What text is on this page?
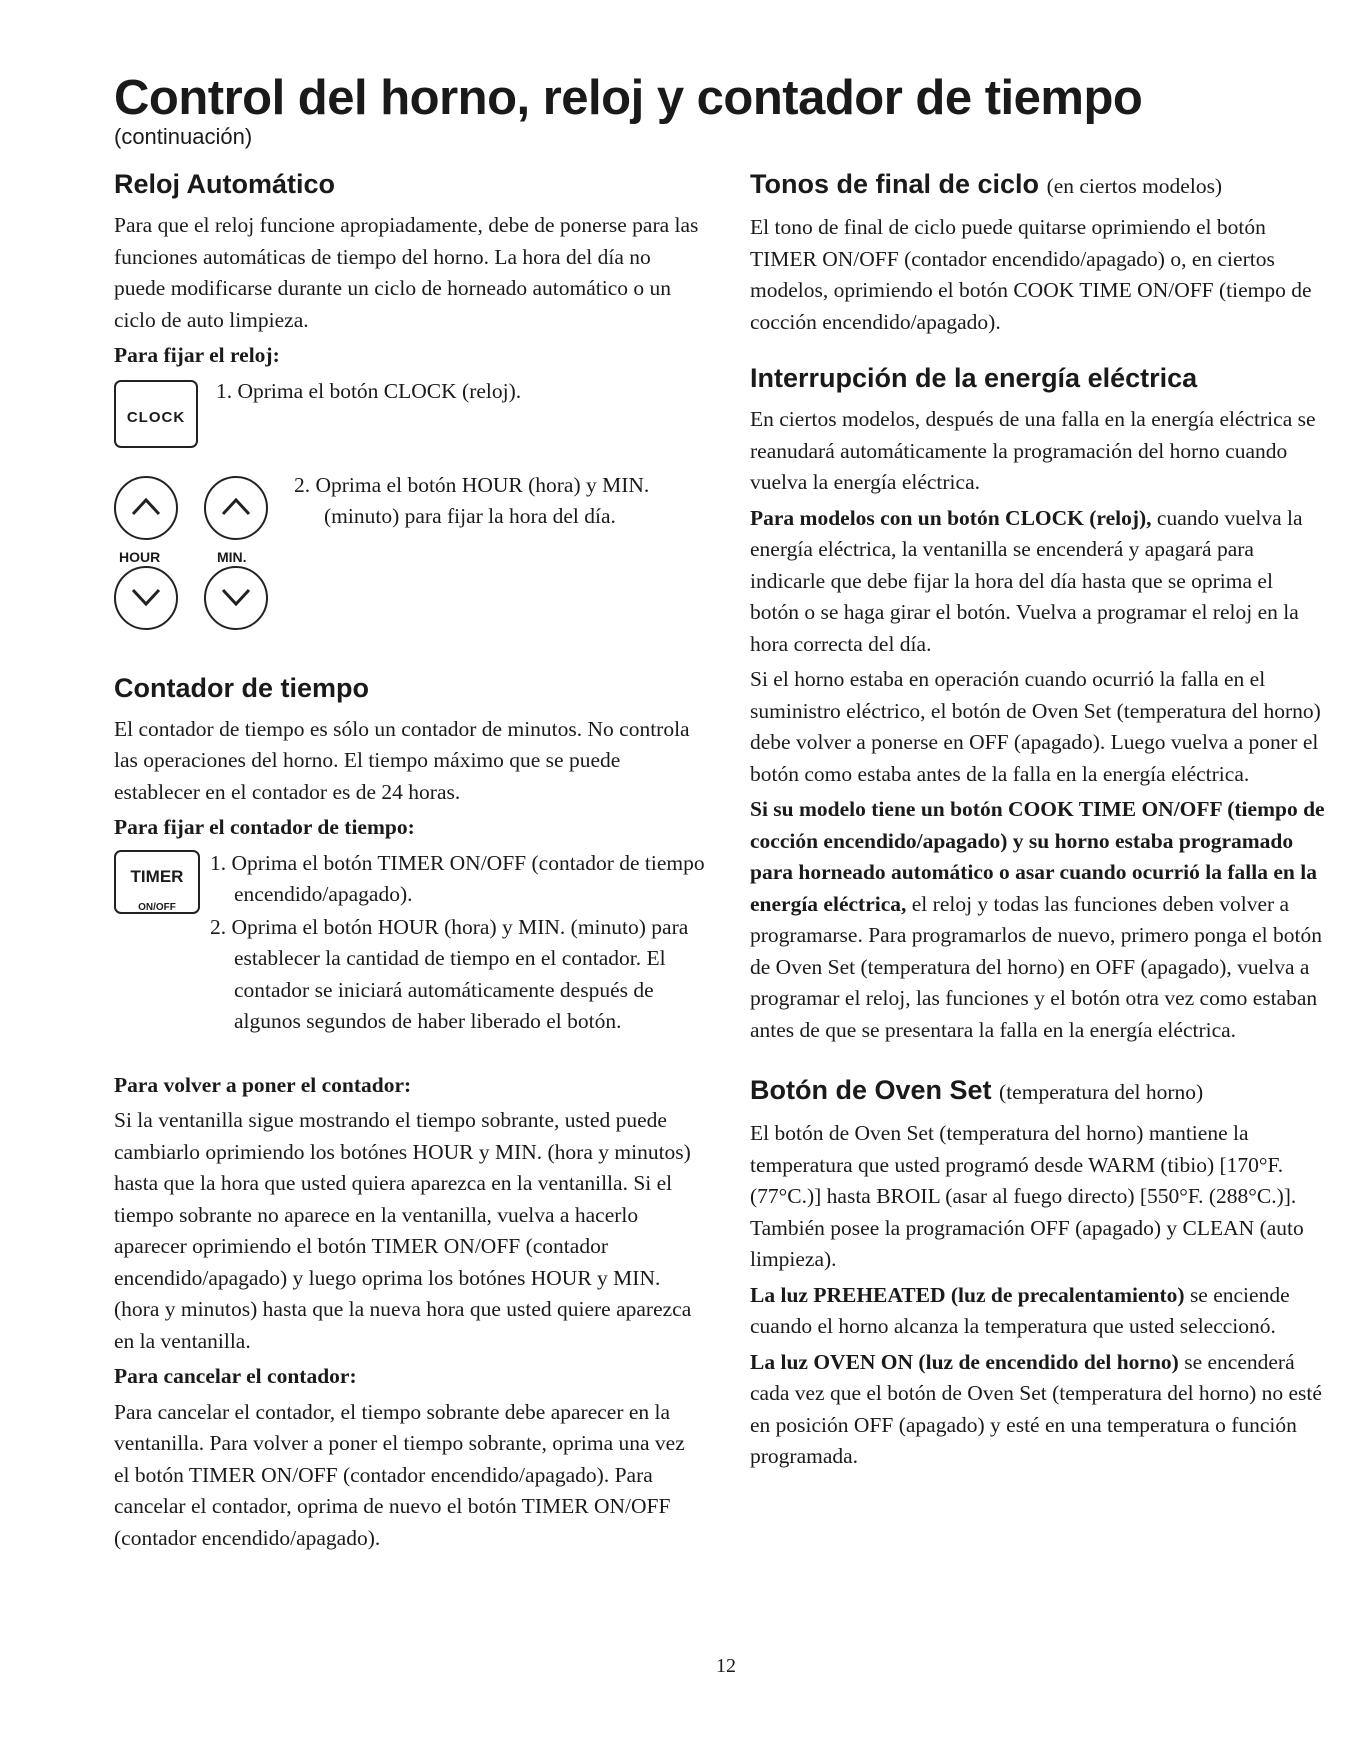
Control del horno, reloj y contador de tiempo
(continuación)
Reloj Automático

Para que el reloj funcione apropiadamente, debe de ponerse para las funciones automáticas de tiempo del horno. La hora del día no puede modificarse durante un ciclo de horneado automático o un ciclo de auto limpieza.

Para fijar el reloj:

CLOCK
1. Oprima el botón CLOCK (reloj).
HOUR	MIN.
2. Oprima el botón HOUR (hora) y MIN. (minuto) para fijar la hora del día.
Contador de tiempo

El contador de tiempo es sólo un contador de minutos. No controla las operaciones del horno. El tiempo máximo que se puede establecer en el contador es de 24 horas.

Para fijar el contador de tiempo:

TIMER
ON/OFF
1. Oprima el botón TIMER ON/OFF (contador de tiempo encendido/apagado).
2. Oprima el botón HOUR (hora) y MIN. (minuto) para establecer la cantidad de tiempo en el contador. El contador se iniciará automáticamente después de algunos segundos de haber liberado el botón.

Para volver a poner el contador:

Si la ventanilla sigue mostrando el tiempo sobrante, usted puede cambiarlo oprimiendo los botónes HOUR y MIN. (hora y minutos) hasta que la hora que usted quiera aparezca en la ventanilla. Si el tiempo sobrante no aparece en la ventanilla, vuelva a hacerlo aparecer oprimiendo el botón TIMER ON/OFF (contador encendido/apagado) y luego oprima los botónes HOUR y MIN. (hora y minutos) hasta que la nueva hora que usted quiere aparezca en la ventanilla.

Para cancelar el contador:

Para cancelar el contador, el tiempo sobrante debe aparecer en la ventanilla. Para volver a poner el tiempo sobrante, oprima una vez el botón TIMER ON/OFF (contador encendido/apagado). Para cancelar el contador, oprima de nuevo el botón TIMER ON/OFF (contador encendido/apagado).

Tonos de final de ciclo (en ciertos modelos)

El tono de final de ciclo puede quitarse oprimiendo el botón TIMER ON/OFF (contador encendido/apagado) o, en ciertos modelos, oprimiendo el botón COOK TIME ON/OFF (tiempo de cocción encendido/apagado).

Interrupción de la energía eléctrica

En ciertos modelos, después de una falla en la energía eléctrica se reanudará automáticamente la programación del horno cuando vuelva la energía eléctrica.

Para modelos con un botón CLOCK (reloj), cuando vuelva la energía eléctrica, la ventanilla se encenderá y apagará para indicarle que debe fijar la hora del día hasta que se oprima el botón o se haga girar el botón. Vuelva a programar el reloj en la hora correcta del día.

Si el horno estaba en operación cuando ocurrió la falla en el suministro eléctrico, el botón de Oven Set (temperatura del horno) debe volver a ponerse en OFF (apagado). Luego vuelva a poner el botón como estaba antes de la falla en la energía eléctrica.

Si su modelo tiene un botón COOK TIME ON/OFF (tiempo de cocción encendido/apagado) y su horno estaba programado para horneado automático o asar cuando ocurrió la falla en la energía eléctrica, el reloj y todas las funciones deben volver a programarse. Para programarlos de nuevo, primero ponga el botón de Oven Set (temperatura del horno) en OFF (apagado), vuelva a programar el reloj, las funciones y el botón otra vez como estaban antes de que se presentara la falla en la energía eléctrica.

Botón de Oven Set (temperatura del horno)

El botón de Oven Set (temperatura del horno) mantiene la temperatura que usted programó desde WARM (tibio) [170°F. (77°C.)] hasta BROIL (asar al fuego directo) [550°F. (288°C.)]. También posee la programación OFF (apagado) y CLEAN (auto limpieza).

La luz PREHEATED (luz de precalentamiento) se enciende cuando el horno alcanza la temperatura que usted seleccionó.

La luz OVEN ON (luz de encendido del horno) se encenderá cada vez que el botón de Oven Set (temperatura del horno) no esté en posición OFF (apagado) y esté en una temperatura o función programada.

12
